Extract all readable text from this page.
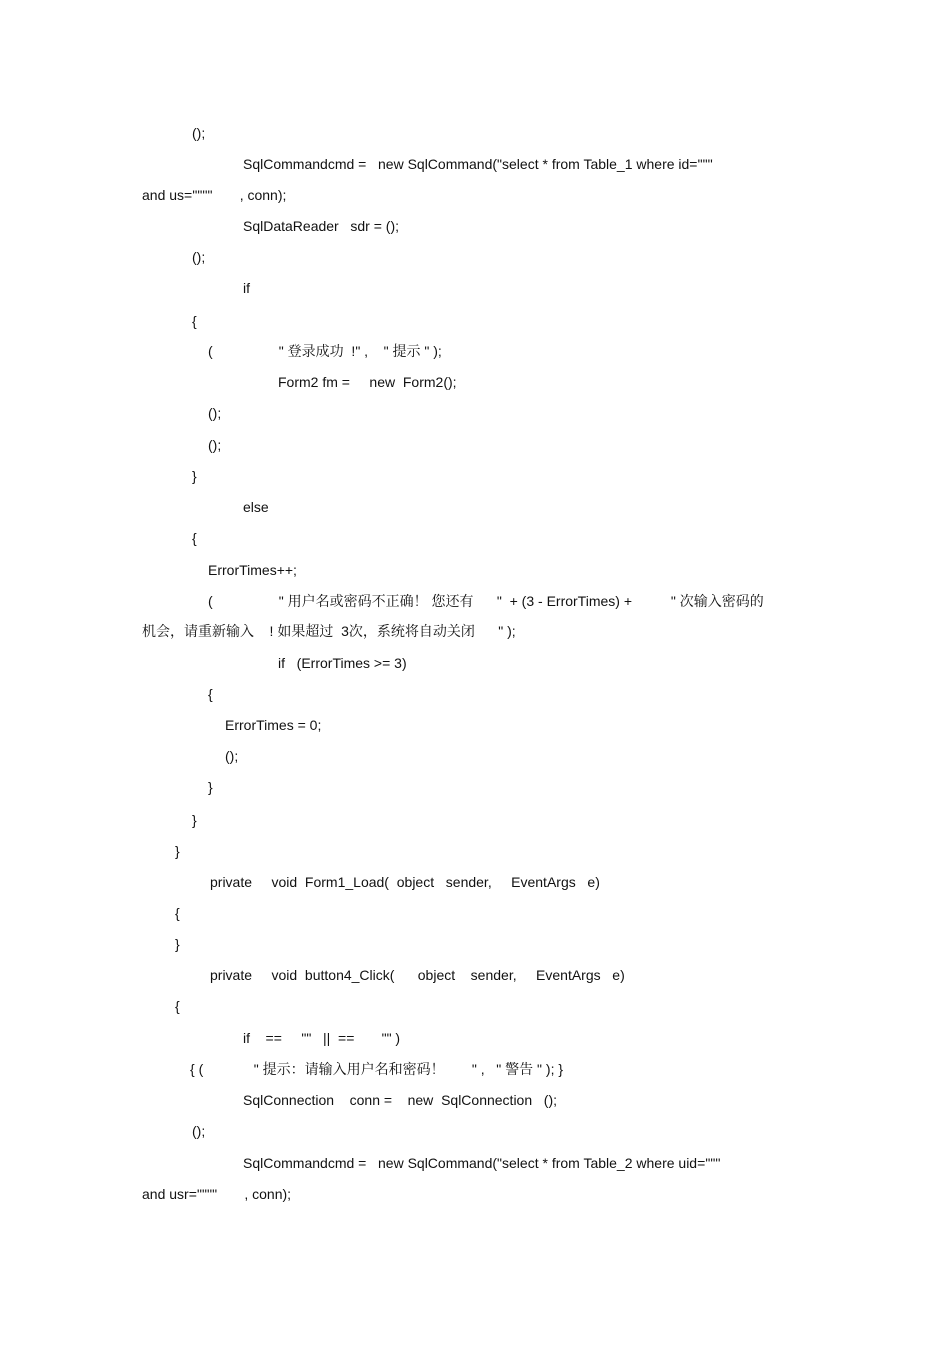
();
SqlCommandcmd =   new SqlCommand("select * from Table_1 where id='""'
and us='""'"       , conn);
SqlDataReader   sdr = ();
();
if
{
(                 " 登录成功  !" ,    " 提示 " );
Form2 fm =     new  Form2();
();
();
}
else
{
ErrorTimes++;
(                 " 用户名或密码不正确！ 您还有      "  + (3 - ErrorTimes) +          " 次输入密码的
机会，请重新输入    ! 如果超过  3次，系统将自动关闭      " );
if   (ErrorTimes >= 3)
{
ErrorTimes = 0;
();
}
}
}
private     void  Form1_Load(  object   sender,     EventArgs   e)
{
}
private     void  button4_Click(      object    sender,     EventArgs   e)
{
if    ==     ""   ||  ==       "" )
{ (             " 提示：请输入用户名和密码！       " ,   " 警告 " ); }
SqlConnection    conn =    new  SqlConnection   ();
();
SqlCommandcmd =   new SqlCommand("select * from Table_2 where uid='""'
and usr='""'"       , conn);
